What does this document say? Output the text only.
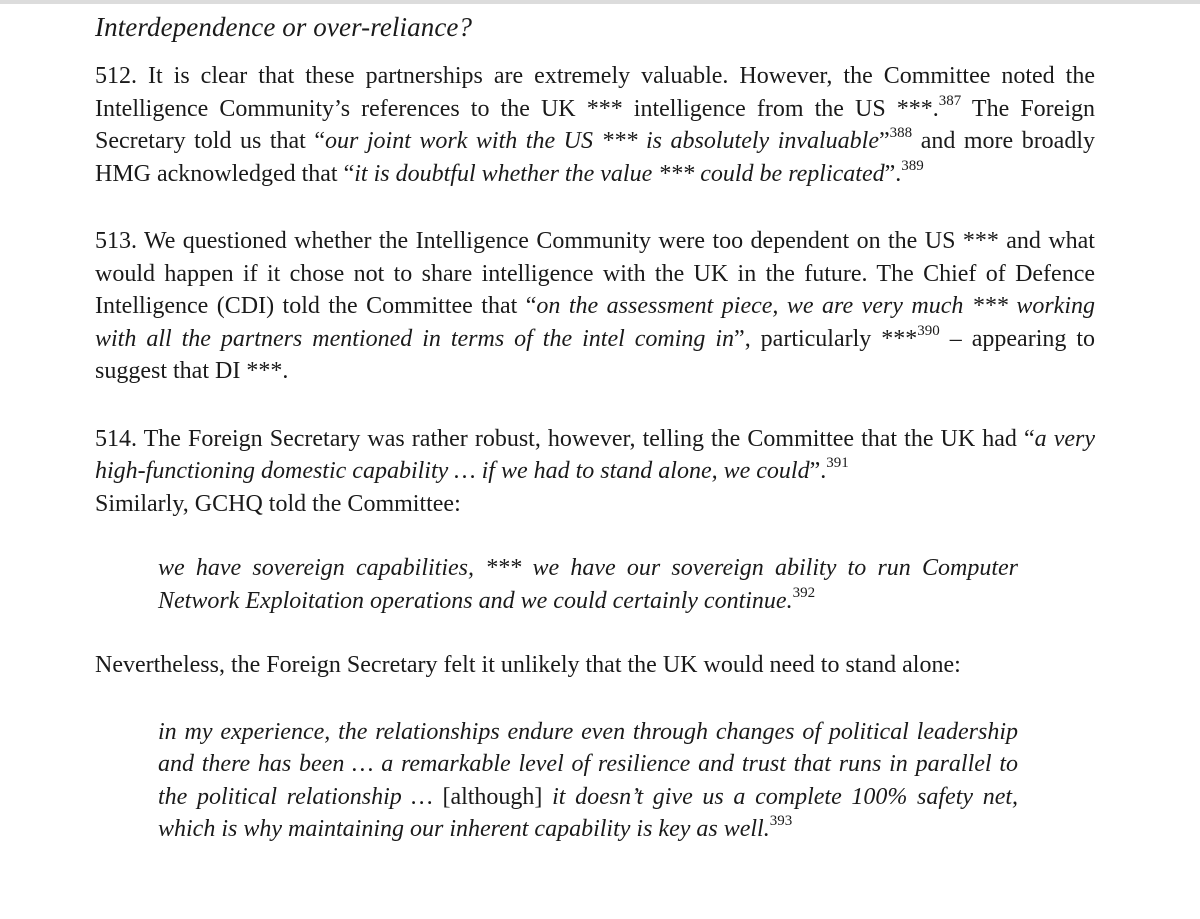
Interdependence or over-reliance?

512. It is clear that these partnerships are extremely valuable. However, the Committee noted the Intelligence Community’s references to the UK *** intelligence from the US ***.$^{387}$ The Foreign Secretary told us that “our joint work with the US *** is absolutely invaluable”$^{388}$ and more broadly HMG acknowledged that “it is doubtful whether the value *** could be replicated”.$^{389}$

513. We questioned whether the Intelligence Community were too dependent on the US *** and what would happen if it chose not to share intelligence with the UK in the future. The Chief of Defence Intelligence (CDI) told the Committee that “on the assessment piece, we are very much *** working with all the partners mentioned in terms of the intel coming in”, particularly ***$^{390}$ – appearing to suggest that DI ***.

514. The Foreign Secretary was rather robust, however, telling the Committee that the UK had “a very high-functioning domestic capability … if we had to stand alone, we could”.$^{391}$
Similarly, GCHQ told the Committee:

we have sovereign capabilities, *** we have our sovereign ability to run Computer Network Exploitation operations and we could certainly continue.$^{392}$

Nevertheless, the Foreign Secretary felt it unlikely that the UK would need to stand alone:

in my experience, the relationships endure even through changes of political leadership and there has been … a remarkable level of resilience and trust that runs in parallel to the political relationship … [although] it doesn’t give us a complete 100% safety net, which is why maintaining our inherent capability is key as well.$^{393}$
